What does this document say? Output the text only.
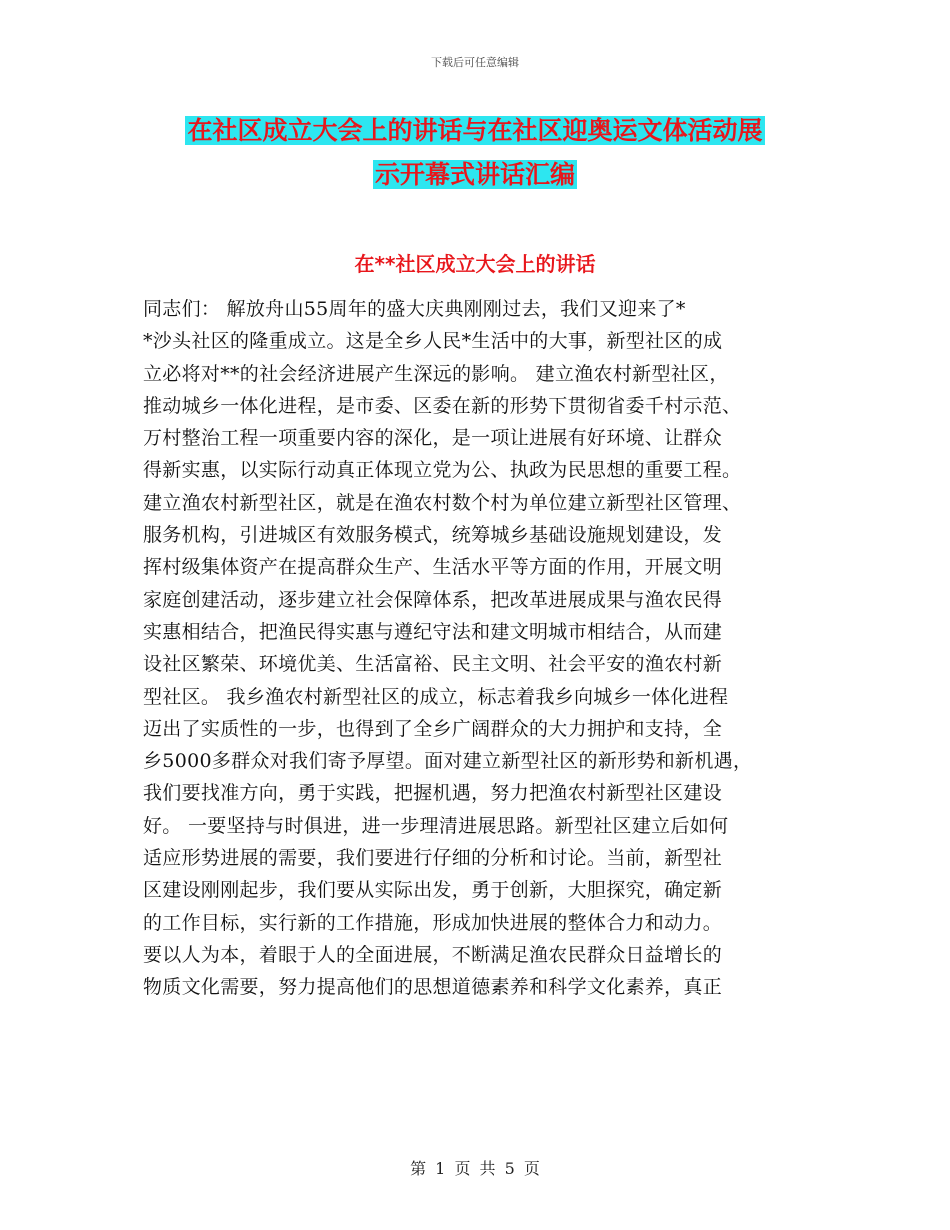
下载后可任意编辑
在社区成立大会上的讲话与在社区迎奥运文体活动展
示开幕式讲话汇编
在**社区成立大会上的讲话
同志们： 解放舟山55周年的盛大庆典刚刚过去，我们又迎来了*
*沙头社区的隆重成立。这是全乡人民*生活中的大事，新型社区的成
立必将对**的社会经济进展产生深远的影响。 建立渔农村新型社区，
推动城乡一体化进程，是市委、区委在新的形势下贯彻省委千村示范、
万村整治工程一项重要内容的深化，是一项让进展有好环境、让群众
得新实惠，以实际行动真正体现立党为公、执政为民思想的重要工程。
建立渔农村新型社区，就是在渔农村数个村为单位建立新型社区管理、
服务机构，引进城区有效服务模式，统筹城乡基础设施规划建设，发
挥村级集体资产在提高群众生产、生活水平等方面的作用，开展文明
家庭创建活动，逐步建立社会保障体系，把改革进展成果与渔农民得
实惠相结合，把渔民得实惠与遵纪守法和建文明城市相结合，从而建
设社区繁荣、环境优美、生活富裕、民主文明、社会平安的渔农村新
型社区。 我乡渔农村新型社区的成立，标志着我乡向城乡一体化进程
迈出了实质性的一步，也得到了全乡广阔群众的大力拥护和支持，全
乡5000多群众对我们寄予厚望。面对建立新型社区的新形势和新机遇，
我们要找准方向，勇于实践，把握机遇，努力把渔农村新型社区建设
好。 一要坚持与时俱进，进一步理清进展思路。新型社区建立后如何
适应形势进展的需要，我们要进行仔细的分析和讨论。当前，新型社
区建设刚刚起步，我们要从实际出发，勇于创新，大胆探究，确定新
的工作目标，实行新的工作措施，形成加快进展的整体合力和动力。
要以人为本，着眼于人的全面进展，不断满足渔农民群众日益增长的
物质文化需要，努力提高他们的思想道德素养和科学文化素养，真正
第 1 页 共 5 页
